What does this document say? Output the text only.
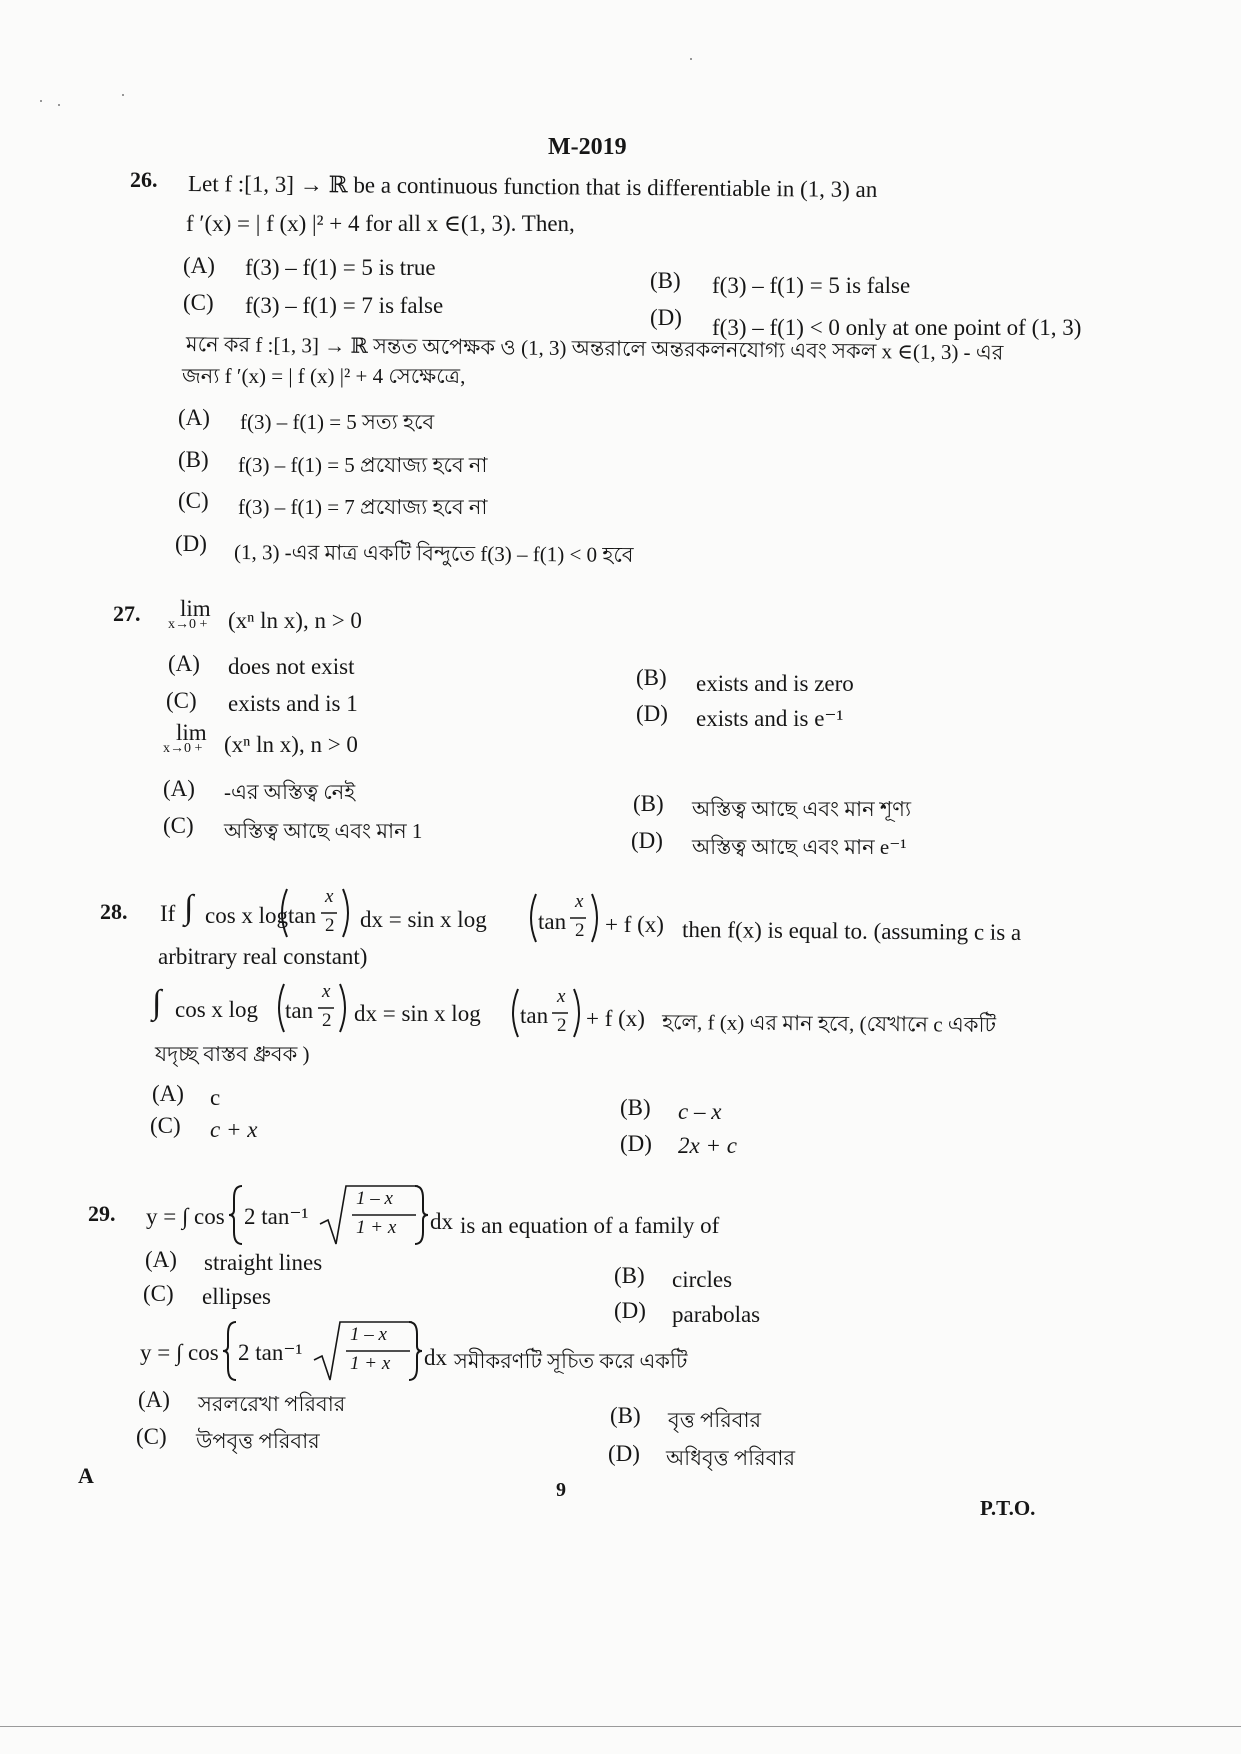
M-2019
26. Let f :[1, 3] → ℝ be a continuous function that is differentiable in (1, 3) an
f ′(x) = | f (x) |² + 4 for all x ∈(1, 3). Then,
(A) f(3) – f(1) = 5 is true
(B) f(3) – f(1) = 5 is false
(C) f(3) – f(1) = 7 is false	(D) f(3) – f(1) < 0 only at one point of (1, 3)
মনে কর f :[1, 3] → ℝ সন্তত অপেক্ষক ও (1, 3) অন্তরালে অন্তরকলনযোগ্য এবং সকল x ∈(1, 3) - এর
জন্য f ′(x) = | f (x) |² + 4 সেক্ষেত্রে,
(A) f(3) – f(1) = 5 সত্য হবে
(B) f(3) – f(1) = 5 প্রযোজ্য হবে না
(C) f(3) – f(1) = 7 প্রযোজ্য হবে না
(D) (1, 3) -এর মাত্র একটি বিন্দুতে f(3) – f(1) < 0 হবে
27. lim
x→0 + (xⁿ ln x), n > 0
(A) does not exist	(B) exists and is zero
(C) exists and is 1	(D) exists and is e⁻¹
lim
x→0 + (xⁿ ln x), n > 0
(A) -এর অস্তিত্ব নেই	(B) অস্তিত্ব আছে এবং মান শূণ্য
(C) অস্তিত্ব আছে এবং মান 1	(D) অস্তিত্ব আছে এবং মান e⁻¹
28. If ∫ cos x log tan
x
2 dx = sin x log tan
x
2 + f (x) then f(x) is equal to. (assuming c is a
arbitrary real constant)
∫ cos x log tan
x
2 dx = sin x log tan
x
2 + f (x) হলে, f (x) এর মান হবে, (যেখানে c একটি
যদৃচ্ছ বাস্তব ধ্রুবক )
(A) c	(B) c – x
(C) c + x
(D) 2x + c
29. y = ∫ cos 2 tan⁻¹
1 – x
1 + x dx is an equation of a family of
(A) straight lines
(B) circles
(C) ellipses
(D) parabolas
y = ∫ cos 2 tan⁻¹
1 – x
1 + x dx সমীকরণটি সূচিত করে একটি
(A) সরলরেখা পরিবার	(B) বৃত্ত পরিবার
(C) উপবৃত্ত পরিবার	(D) অধিবৃত্ত পরিবার
A
9
P.T.O.
